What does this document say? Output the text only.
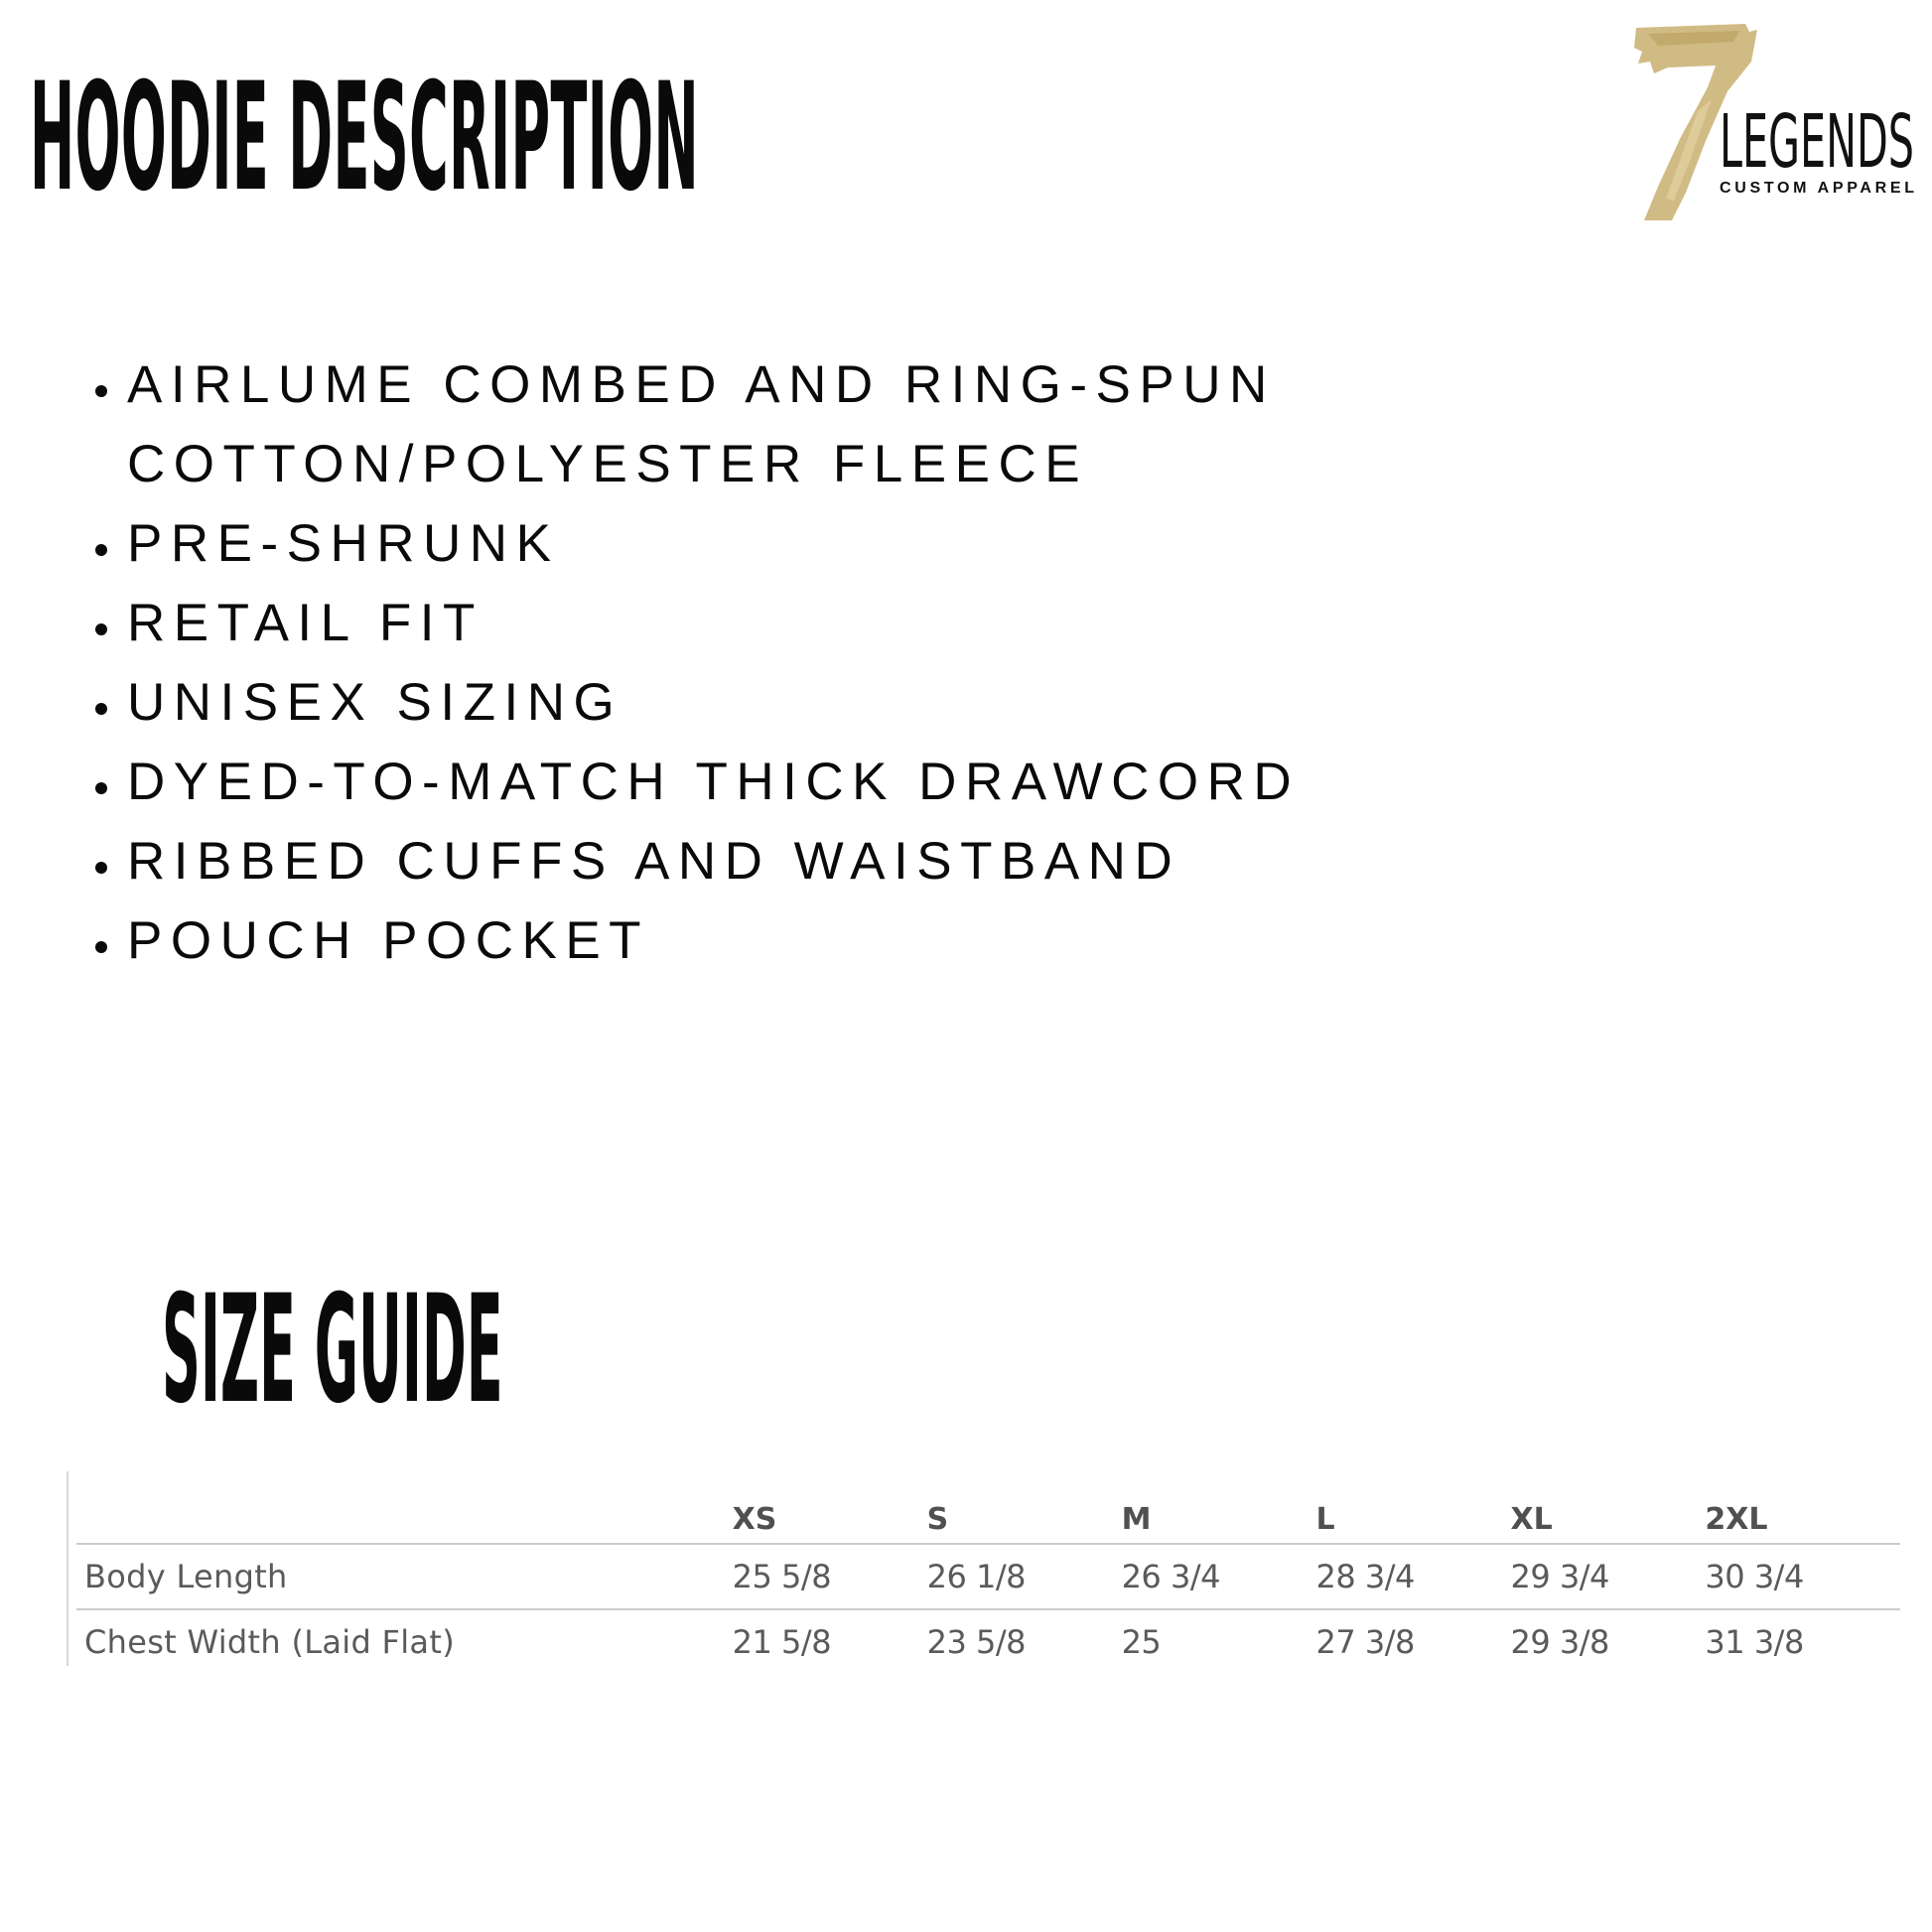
HOODIE DESCRIPTION	LEGENDS
CUSTOM APPAREL
• AIRLUME COMBED AND RING-SPUN COTTON/POLYESTER FLEECE
• PRE-SHRUNK
• RETAIL FIT
• UNISEX SIZING
• DYED-TO-MATCH THICK DRAWCORD
• RIBBED CUFFS AND WAISTBAND
• POUCH POCKET
SIZE GUIDE
	XS	S	M	L	XL	2XL
Body Length	25 5/8	26 1/8	26 3/4	28 3/4	29 3/4	30 3/4
Chest Width (Laid Flat)	21 5/8	23 5/8	25	27 3/8	29 3/8	31 3/8
